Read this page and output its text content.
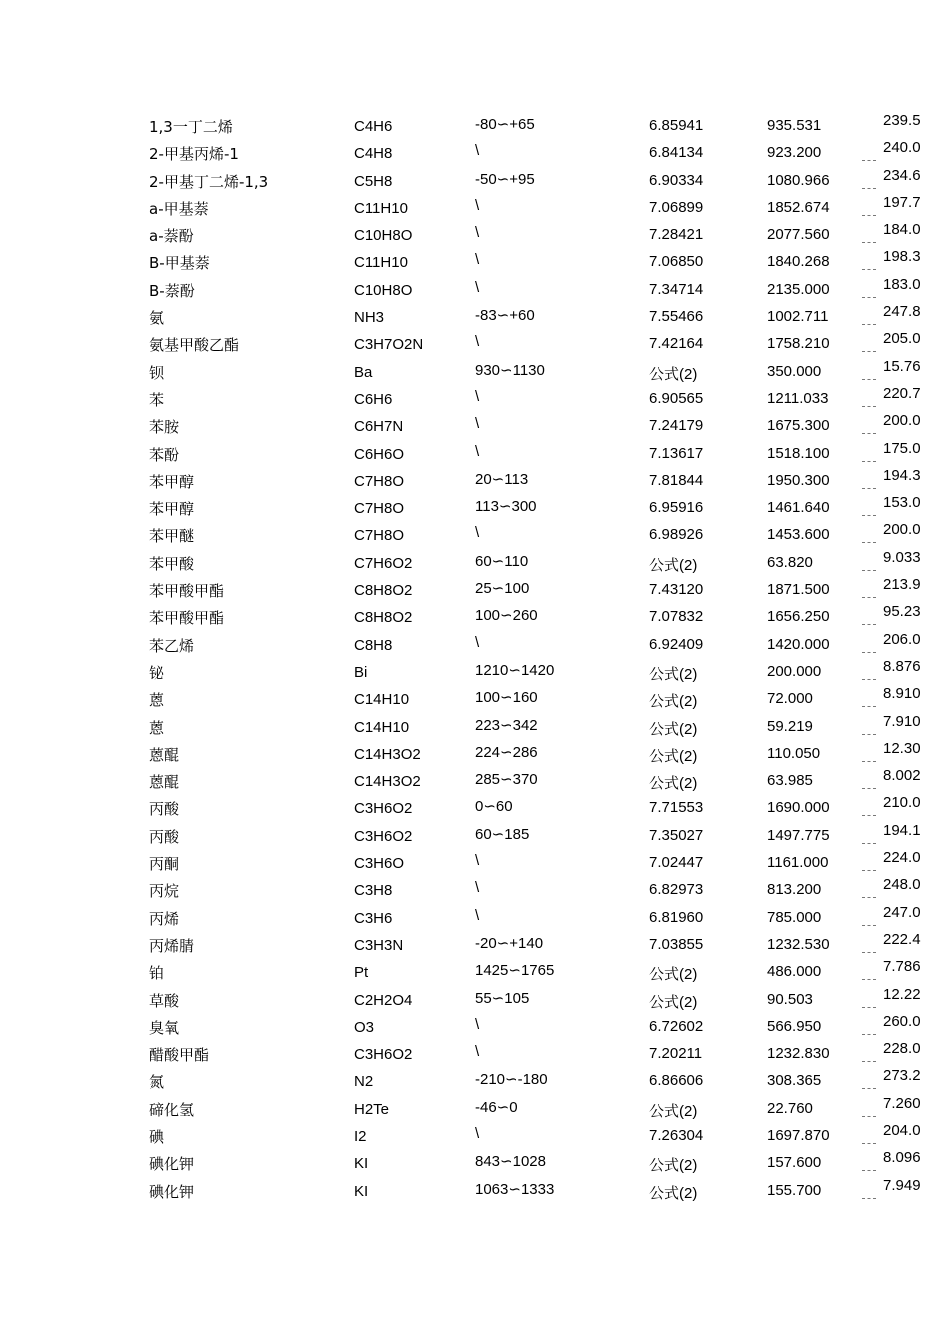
1,3一丁二烯	C4H6	-80∽+65	6.85941	935.531	239.5
2-甲基丙烯-1	C4H8	\	6.84134	923.200	240.0
2-甲基丁二烯-1,3	C5H8	-50∽+95	6.90334	1080.966	234.6
a-甲基萘	C11H10	\	7.06899	1852.674	197.7
a-萘酚	C10H8O	\	7.28421	2077.560	184.0
B-甲基萘	C11H10	\	7.06850	1840.268	198.3
B-萘酚	C10H8O	\	7.34714	2135.000	183.0
氨	NH3	-83∽+60	7.55466	1002.711	247.8
氨基甲酸乙酯	C3H7O2N	\	7.42164	1758.210	205.0
钡	Ba	930∽1130	公式(2)	350.000	15.76
苯	C6H6	\	6.90565	1211.033	220.7
苯胺	C6H7N	\	7.24179	1675.300	200.0
苯酚	C6H6O	\	7.13617	1518.100	175.0
苯甲醇	C7H8O	20∽113	7.81844	1950.300	194.3
苯甲醇	C7H8O	113∽300	6.95916	1461.640	153.0
苯甲醚	C7H8O	\	6.98926	1453.600	200.0
苯甲酸	C7H6O2	60∽110	公式(2)	63.820	9.033
苯甲酸甲酯	C8H8O2	25∽100	7.43120	1871.500	213.9
苯甲酸甲酯	C8H8O2	100∽260	7.07832	1656.250	95.23
苯乙烯	C8H8	\	6.92409	1420.000	206.0
铋	Bi	1210∽1420	公式(2)	200.000	8.876
蒽	C14H10	100∽160	公式(2)	72.000	8.910
蒽	C14H10	223∽342	公式(2)	59.219	7.910
蒽醌	C14H3O2	224∽286	公式(2)	110.050	12.30
蒽醌	C14H3O2	285∽370	公式(2)	63.985	8.002
丙酸	C3H6O2	0∽60	7.71553	1690.000	210.0
丙酸	C3H6O2	60∽185	7.35027	1497.775	194.1
丙酮	C3H6O	\	7.02447	1161.000	224.0
丙烷	C3H8	\	6.82973	813.200	248.0
丙烯	C3H6	\	6.81960	785.000	247.0
丙烯腈	C3H3N	-20∽+140	7.03855	1232.530	222.4
铂	Pt	1425∽1765	公式(2)	486.000	7.786
草酸	C2H2O4	55∽105	公式(2)	90.503	12.22
臭氧	O3	\	6.72602	566.950	260.0
醋酸甲酯	C3H6O2	\	7.20211	1232.830	228.0
氮	N2	-210∽-180	6.86606	308.365	273.2
碲化氢	H2Te	-46∽0	公式(2)	22.760	7.260
碘	I2	\	7.26304	1697.870	204.0
碘化钾	KI	843∽1028	公式(2)	157.600	8.096
碘化钾	KI	1063∽1333	公式(2)	155.700	7.949
